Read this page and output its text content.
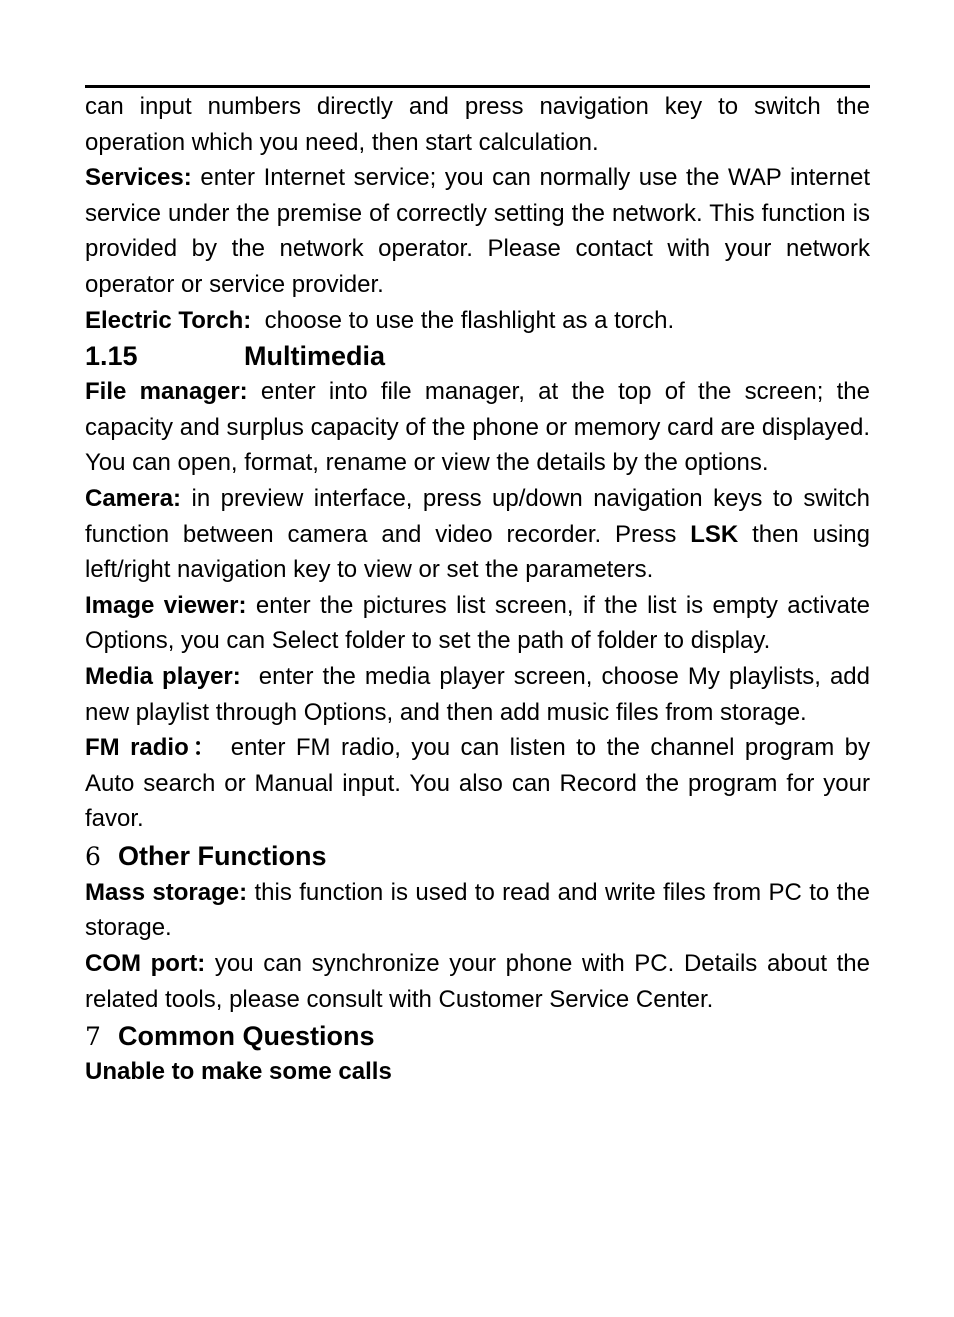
can input numbers directly and press navigation key to switch the operation which you need, then start calculation.

Services: enter Internet service; you can normally use the WAP internet service under the premise of correctly setting the network. This function is provided by the network operator. Please contact with your network operator or service provider.

Electric Torch:  choose to use the flashlight as a torch.

1.15	Multimedia

File manager: enter into file manager, at the top of the screen; the capacity and surplus capacity of the phone or memory card are displayed. You can open, format, rename or view the details by the options.

Camera: in preview interface, press up/down navigation keys to switch function between camera and video recorder. Press LSK then using left/right navigation key to view or set the parameters.

Image viewer: enter the pictures list screen, if the list is empty activate Options, you can Select folder to set the path of folder to display.

Media player:  enter the media player screen, choose My playlists, add new playlist through Options, and then add music files from storage.

FM radio： enter FM radio, you can listen to the channel program by Auto search or Manual input. You also can Record the program for your favor.

6 Other Functions

Mass storage: this function is used to read and write files from PC to the storage.

COM port: you can synchronize your phone with PC. Details about the related tools, please consult with Customer Service Center.

7 Common Questions
Unable to make some calls
